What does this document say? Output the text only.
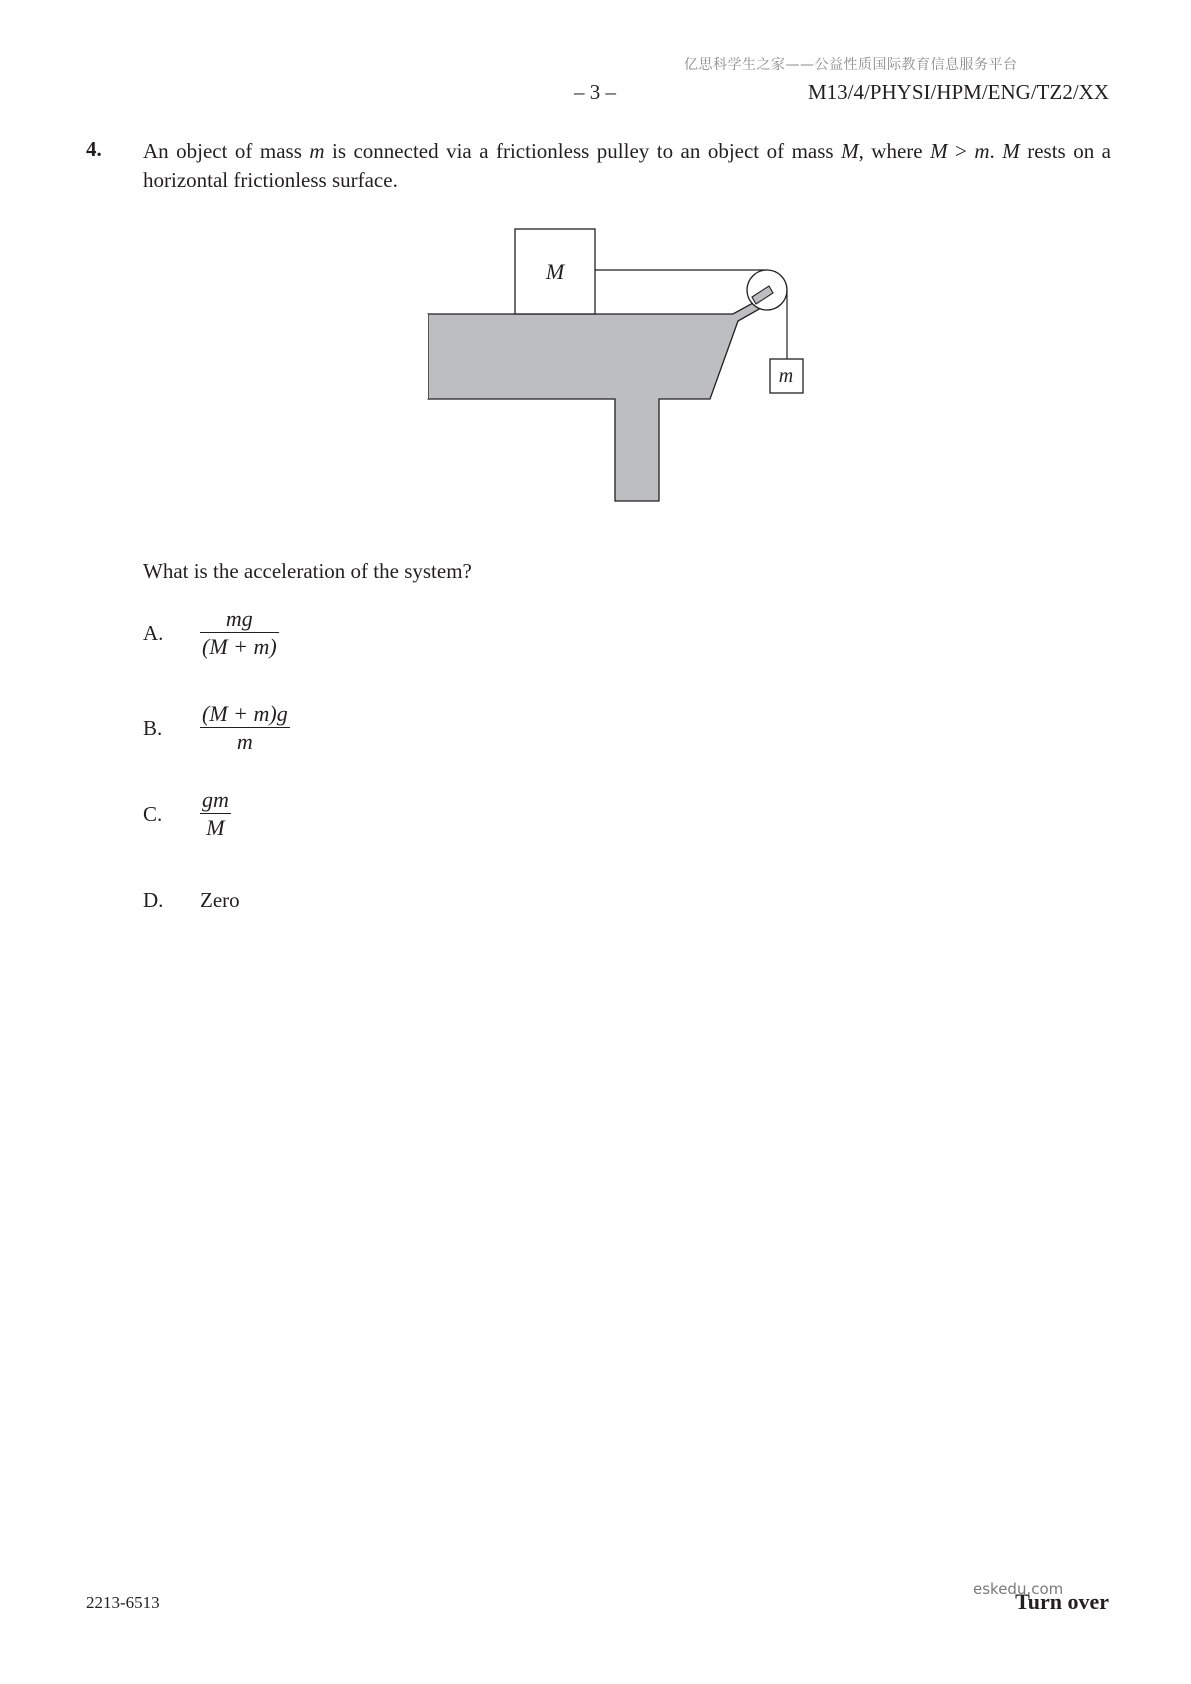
亿思科学生之家——公益性质国际教育信息服务平台
– 3 –	M13/4/PHYSI/HPM/ENG/TZ2/XX
4. An object of mass m is connected via a frictionless pulley to an object of mass M, where M > m. M rests on a horizontal frictionless surface.
M
m
What is the acceleration of the system?
A.
mg
(M + m)
B.
(M + m)g
m
C.
gm
M
D. Zero
2213-6513	Turn over
eskedu.com
